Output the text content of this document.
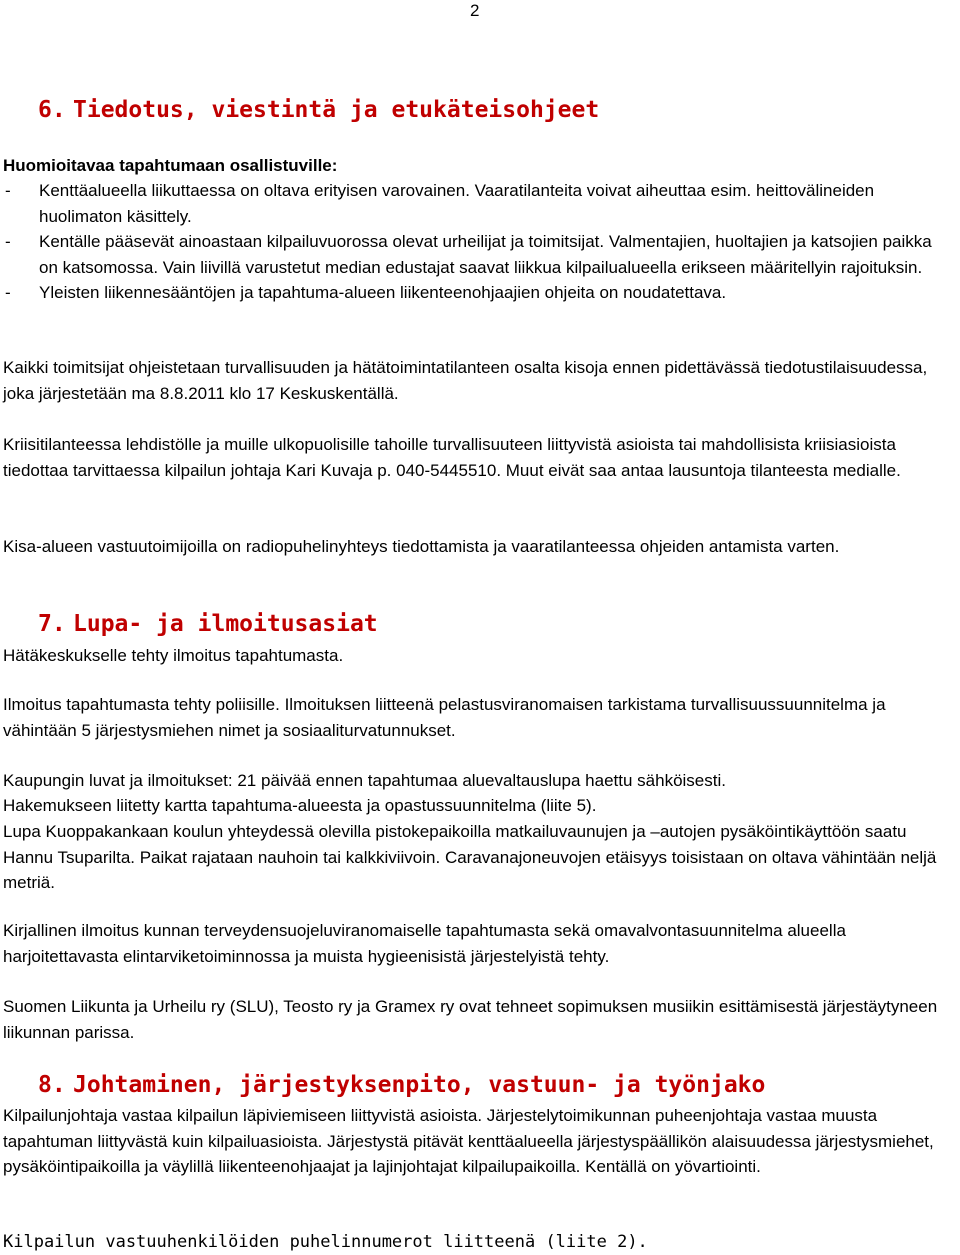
2
6. Tiedotus, viestintä ja etukäteisohjeet
Huomioitavaa tapahtumaan osallistuville:
-	Kenttäalueella liikuttaessa on oltava erityisen varovainen. Vaaratilanteita voivat aiheuttaa esim. heittovälineiden huolimaton käsittely.
-	Kentälle pääsevät ainoastaan kilpailuvuorossa olevat urheilijat ja toimitsijat. Valmentajien, huoltajien ja katsojien paikka on katsomossa. Vain liivillä varustetut median edustajat saavat liikkua kilpailualueella erikseen määritellyin rajoituksin.
-	Yleisten liikennesääntöjen ja tapahtuma-alueen liikenteenohjaajien ohjeita on noudatettava.

Kaikki toimitsijat ohjeistetaan turvallisuuden ja hätätoimintatilanteen osalta kisoja ennen pidettävässä tiedotustilaisuudessa, joka järjestetään ma 8.8.2011 klo 17 Keskuskentällä.

Kriisitilanteessa lehdistölle ja muille ulkopuolisille tahoille turvallisuuteen liittyvistä asioista tai mahdollisista kriisiasioista tiedottaa tarvittaessa kilpailun johtaja Kari Kuvaja p. 040-5445510. Muut eivät saa antaa lausuntoja tilanteesta medialle.

Kisa-alueen vastuutoimijoilla on radiopuhelinyhteys tiedottamista ja vaaratilanteessa ohjeiden antamista varten.

7. Lupa- ja ilmoitusasiat

Hätäkeskukselle tehty ilmoitus tapahtumasta.

Ilmoitus tapahtumasta tehty poliisille. Ilmoituksen liitteenä pelastusviranomaisen tarkistama turvallisuussuunnitelma ja vähintään 5 järjestysmiehen nimet ja sosiaaliturvatunnukset.

Kaupungin luvat ja ilmoitukset: 21 päivää ennen tapahtumaa aluevaltauslupa haettu sähköisesti.

Hakemukseen liitetty kartta tapahtuma-alueesta ja opastussuunnitelma (liite 5).

Lupa Kuoppakankaan koulun yhteydessä olevilla pistokepaikoilla matkailuvaunujen ja –autojen pysäköintikäyttöön saatu Hannu Tsuparilta. Paikat rajataan nauhoin tai kalkkiviivoin. Caravanajoneuvojen etäisyys toisistaan on oltava vähintään neljä metriä.

Kirjallinen ilmoitus kunnan terveydensuojeluviranomaiselle tapahtumasta sekä omavalvontasuunnitelma alueella harjoitettavasta elintarviketoiminnossa ja muista hygieenisistä järjestelyistä tehty.

Suomen Liikunta ja Urheilu ry (SLU), Teosto ry ja Gramex ry ovat tehneet sopimuksen musiikin esittämisestä järjestäytyneen liikunnan parissa.

8. Johtaminen, järjestyksenpito, vastuun- ja työnjako

Kilpailunjohtaja vastaa kilpailun läpiviemiseen liittyvistä asioista. Järjestelytoimikunnan puheenjohtaja vastaa muusta tapahtuman liittyvästä kuin kilpailuasioista. Järjestystä pitävät kenttäalueella järjestyspäällikön alaisuudessa järjestysmiehet, pysäköintipaikoilla ja väylillä liikenteenohjaajat ja lajinjohtajat kilpailupaikoilla. Kentällä on yövartiointi.

Kilpailun vastuuhenkilöiden puhelinnumerot liitteenä (liite 2).
